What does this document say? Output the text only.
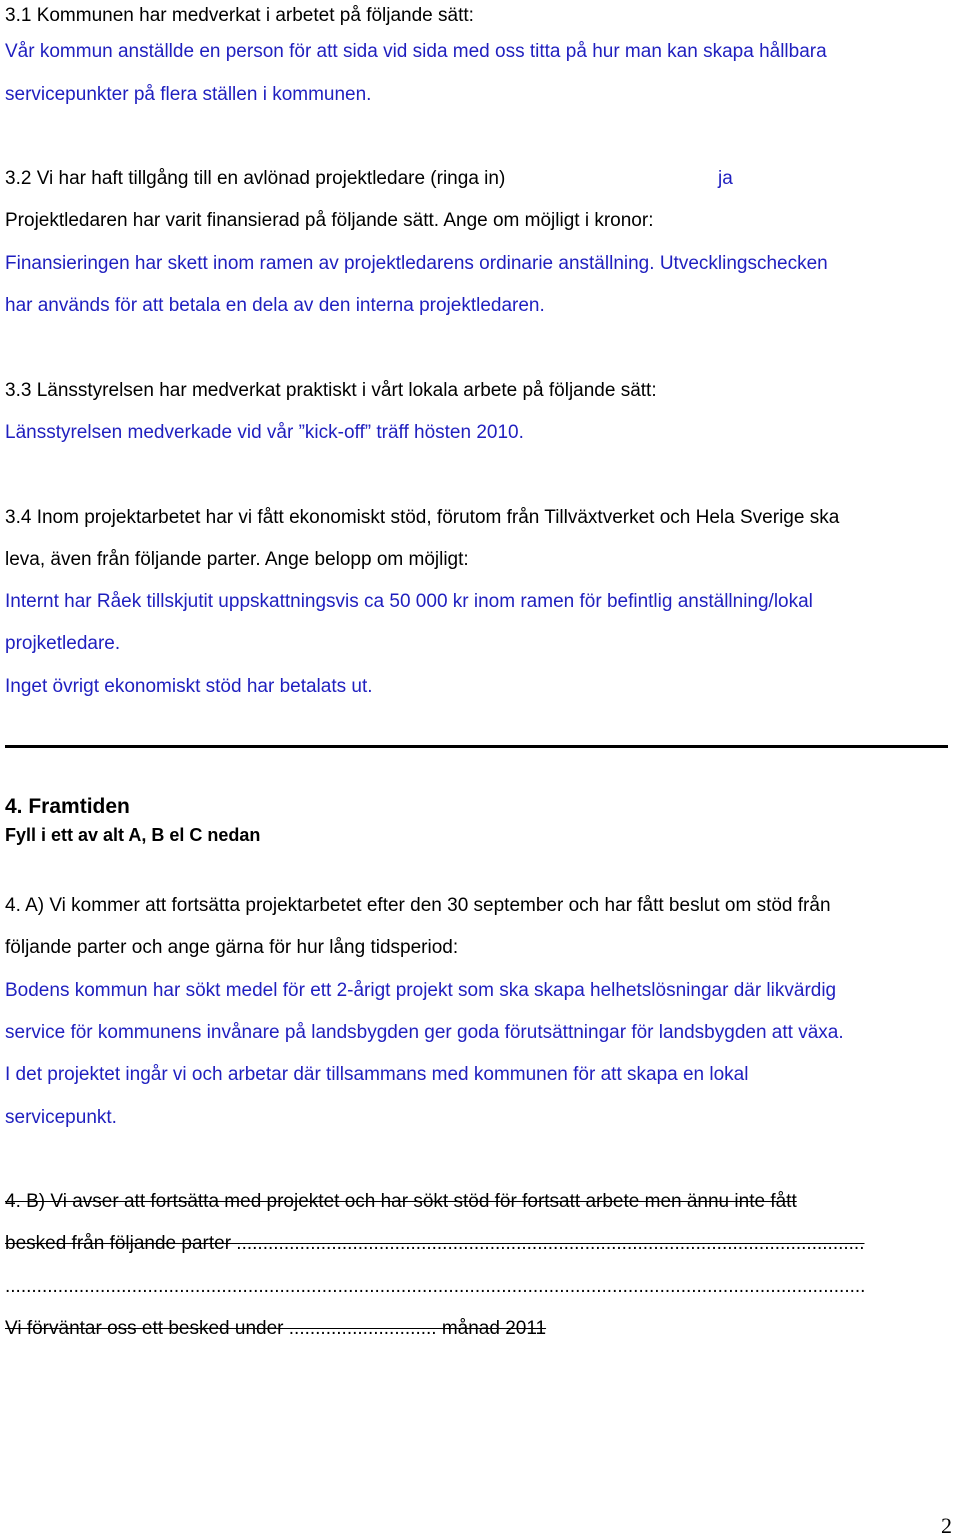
3.1 Kommunen har medverkat i arbetet på följande sätt:
Vår kommun anställde en person för att sida vid sida med oss titta på hur man kan skapa hållbara
servicepunkter på flera ställen i kommunen.
3.2 Vi har haft tillgång till en avlönad projektledare (ringa in)	ja
Projektledaren har varit finansierad på följande sätt. Ange om möjligt i kronor:
Finansieringen har skett inom ramen av projektledarens ordinarie anställning. Utvecklingschecken
har används för att betala en dela av den interna projektledaren.
3.3 Länsstyrelsen har medverkat praktiskt i vårt lokala arbete på följande sätt:
Länsstyrelsen medverkade vid vår ”kick-off” träff hösten 2010.
3.4 Inom projektarbetet har vi fått ekonomiskt stöd, förutom från Tillväxtverket och Hela Sverige ska
leva, även från följande parter. Ange belopp om möjligt:
Internt har Råek tillskjutit uppskattningsvis ca 50 000 kr inom ramen för befintlig anställning/lokal
projketledare.
Inget övrigt ekonomiskt stöd har betalats ut.
4. Framtiden
Fyll i ett av alt A, B el C nedan
4. A) Vi kommer att fortsätta projektarbetet efter den 30 september och har fått beslut om stöd från
följande parter och ange gärna för hur lång tidsperiod:
Bodens kommun har sökt medel för ett 2-årigt projekt som ska skapa helhetslösningar där likvärdig
service för kommunens invånare på landsbygden ger goda förutsättningar för landsbygden att växa.
I det projektet ingår vi och arbetar där tillsammans med kommunen för att skapa en lokal
servicepunkt.
4. B) Vi avser att fortsätta med projektet och har sökt stöd för fortsatt arbete men ännu inte fått
besked från följande parter .......................................................................................................................
...................................................................................................................................................................
Vi förväntar oss ett besked under ............................ månad 2011
2
